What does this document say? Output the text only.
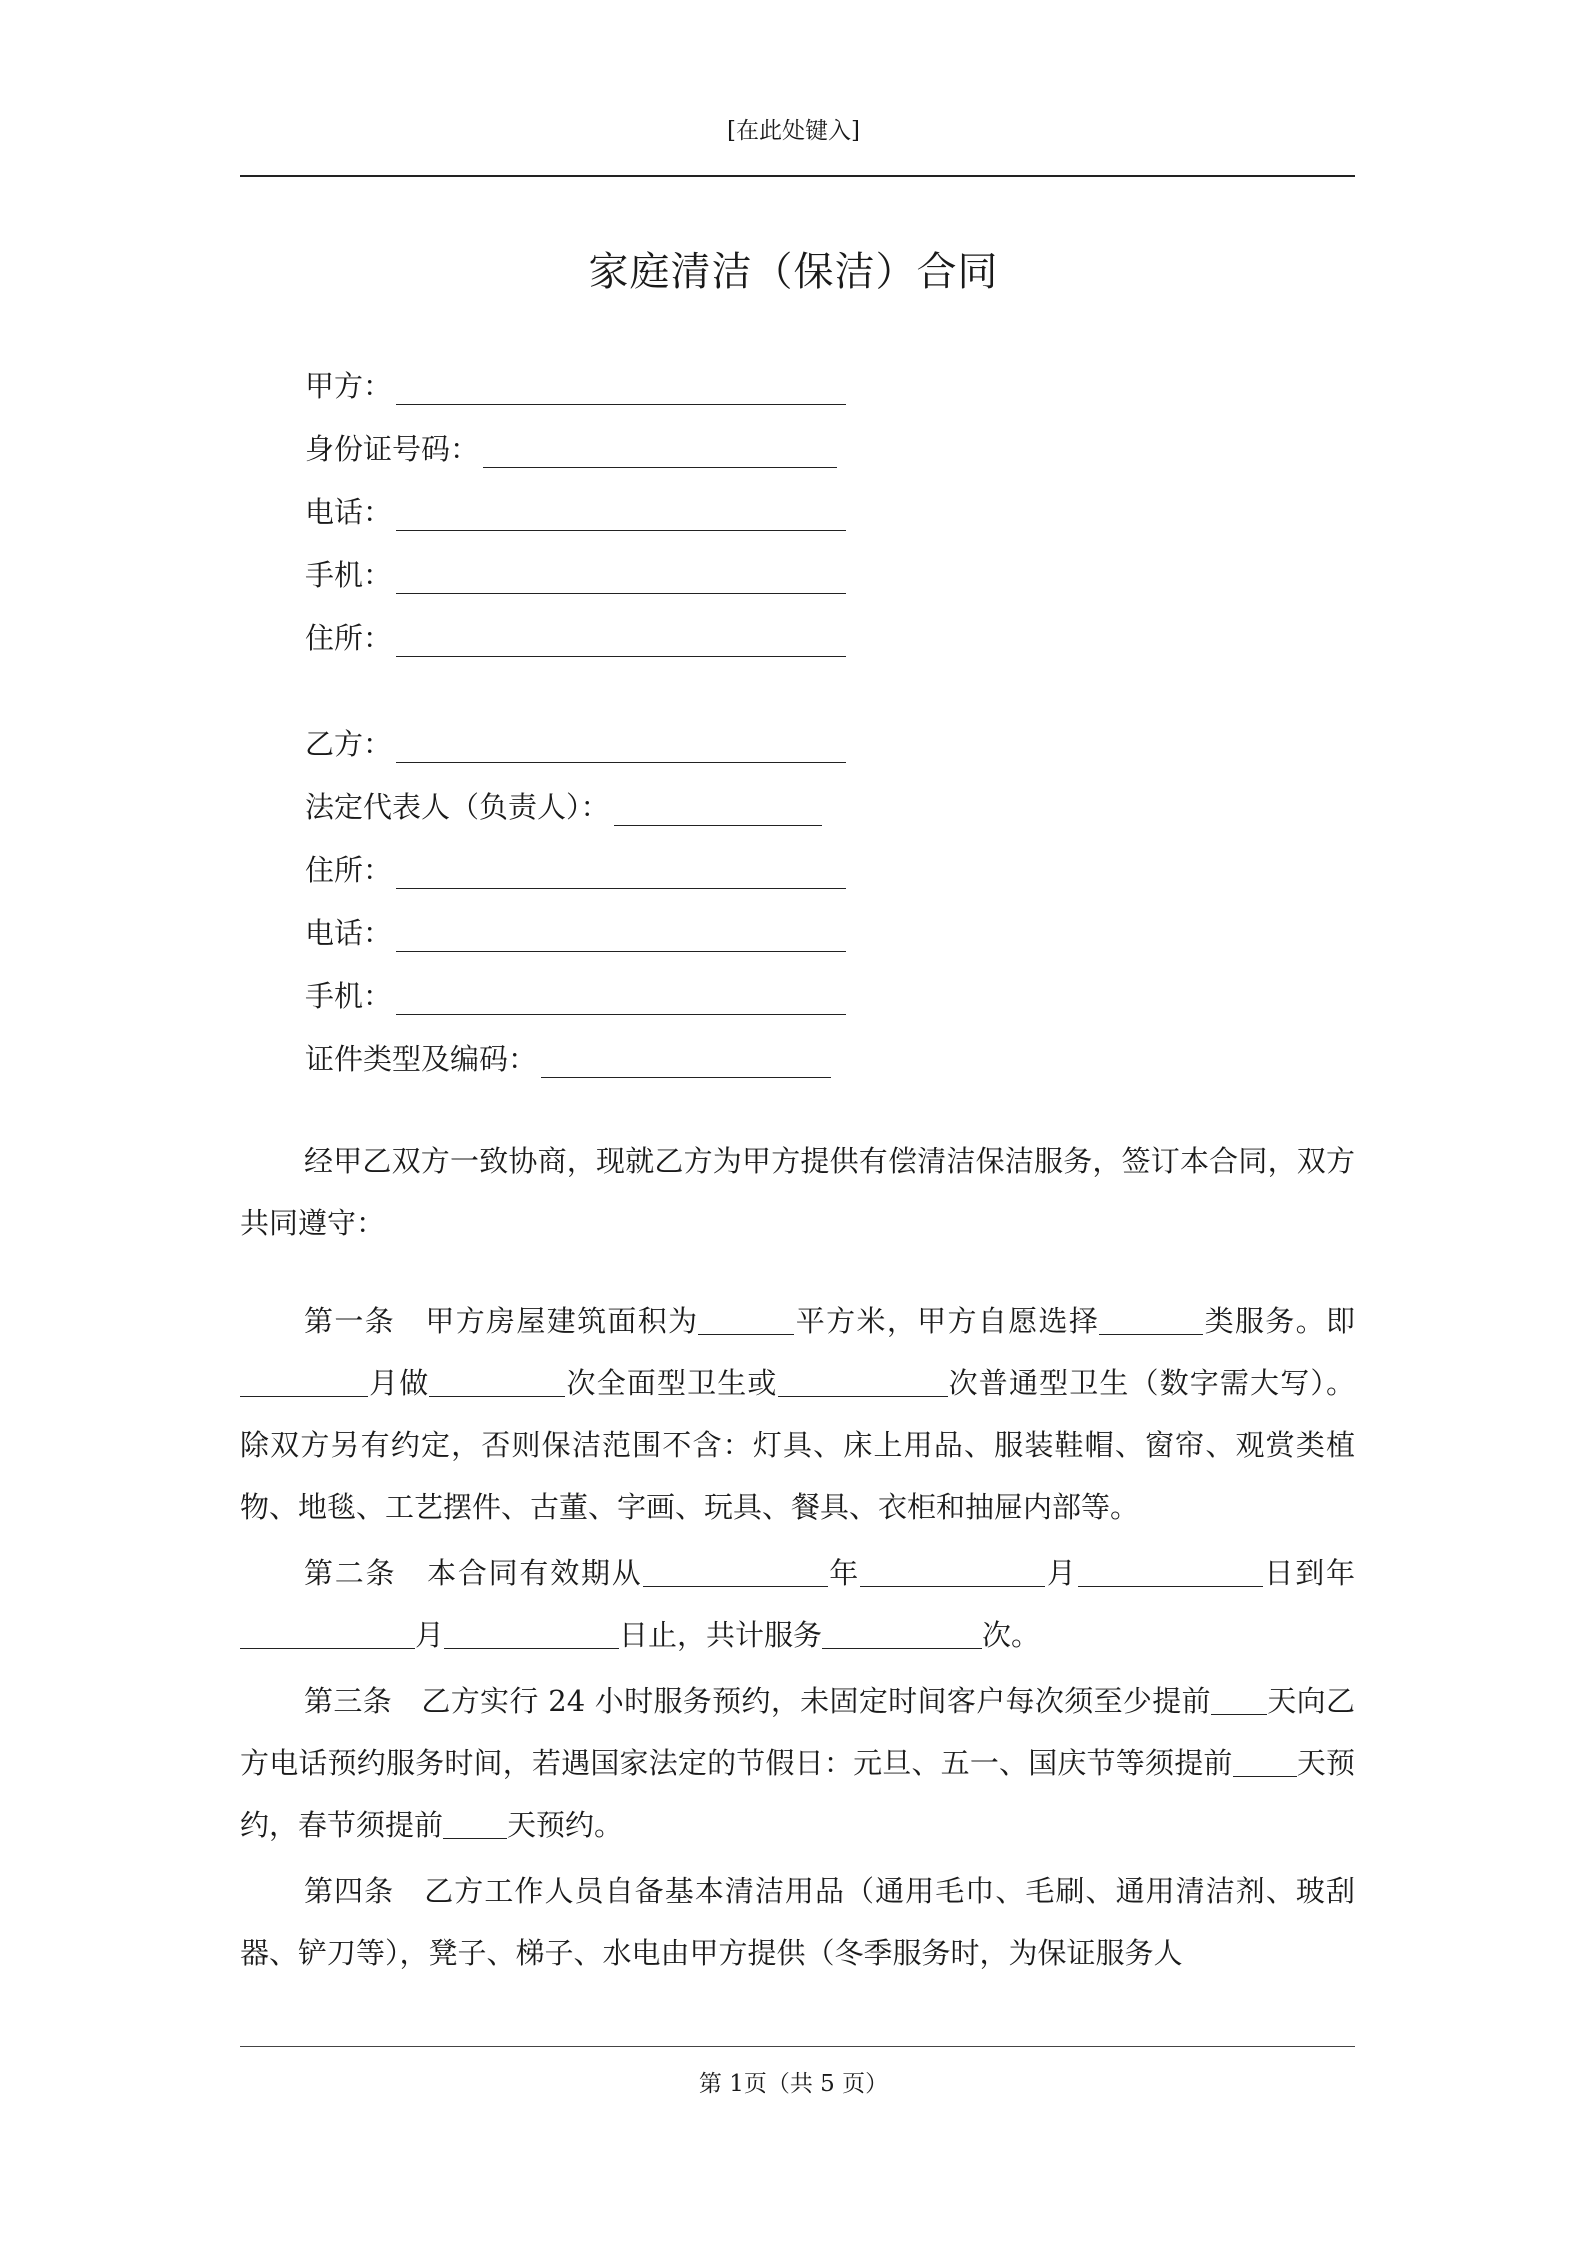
[在此处键入]
家庭清洁（保洁）合同
甲方：
身份证号码：
电话：
手机：
住所：
乙方：
法定代表人（负责人）：
住所：
电话：
手机：
证件类型及编码：

经甲乙双方一致协商，现就乙方为甲方提供有偿清洁保洁服务，签订本合同，双方共同遵守：

第一条　甲方房屋建筑面积为	平方米，甲方自愿选择	类服务。即月做	次全面型卫生或	次普通型卫生（数字需大写）。除双方另有约定，否则保洁范围不含：灯具、床上用品、服装鞋帽、窗帘、观赏类植物、地毯、工艺摆件、古董、字画、玩具、餐具、衣柜和抽屉内部等。

第二条　本合同有效期从	年	月	日到年月	日止，共计服务	次。

第三条　乙方实行 24 小时服务预约，未固定时间客户每次须至少提前 天向乙方电话预约服务时间，若遇国家法定的节假日：元旦、五一、国庆节等须提前 天预约，春节须提前 天预约。

第四条　乙方工作人员自备基本清洁用品（通用毛巾、毛刷、通用清洁剂、玻刮器、铲刀等），凳子、梯子、水电由甲方提供（冬季服务时，为保证服务人

第 1页（共 5 页）
